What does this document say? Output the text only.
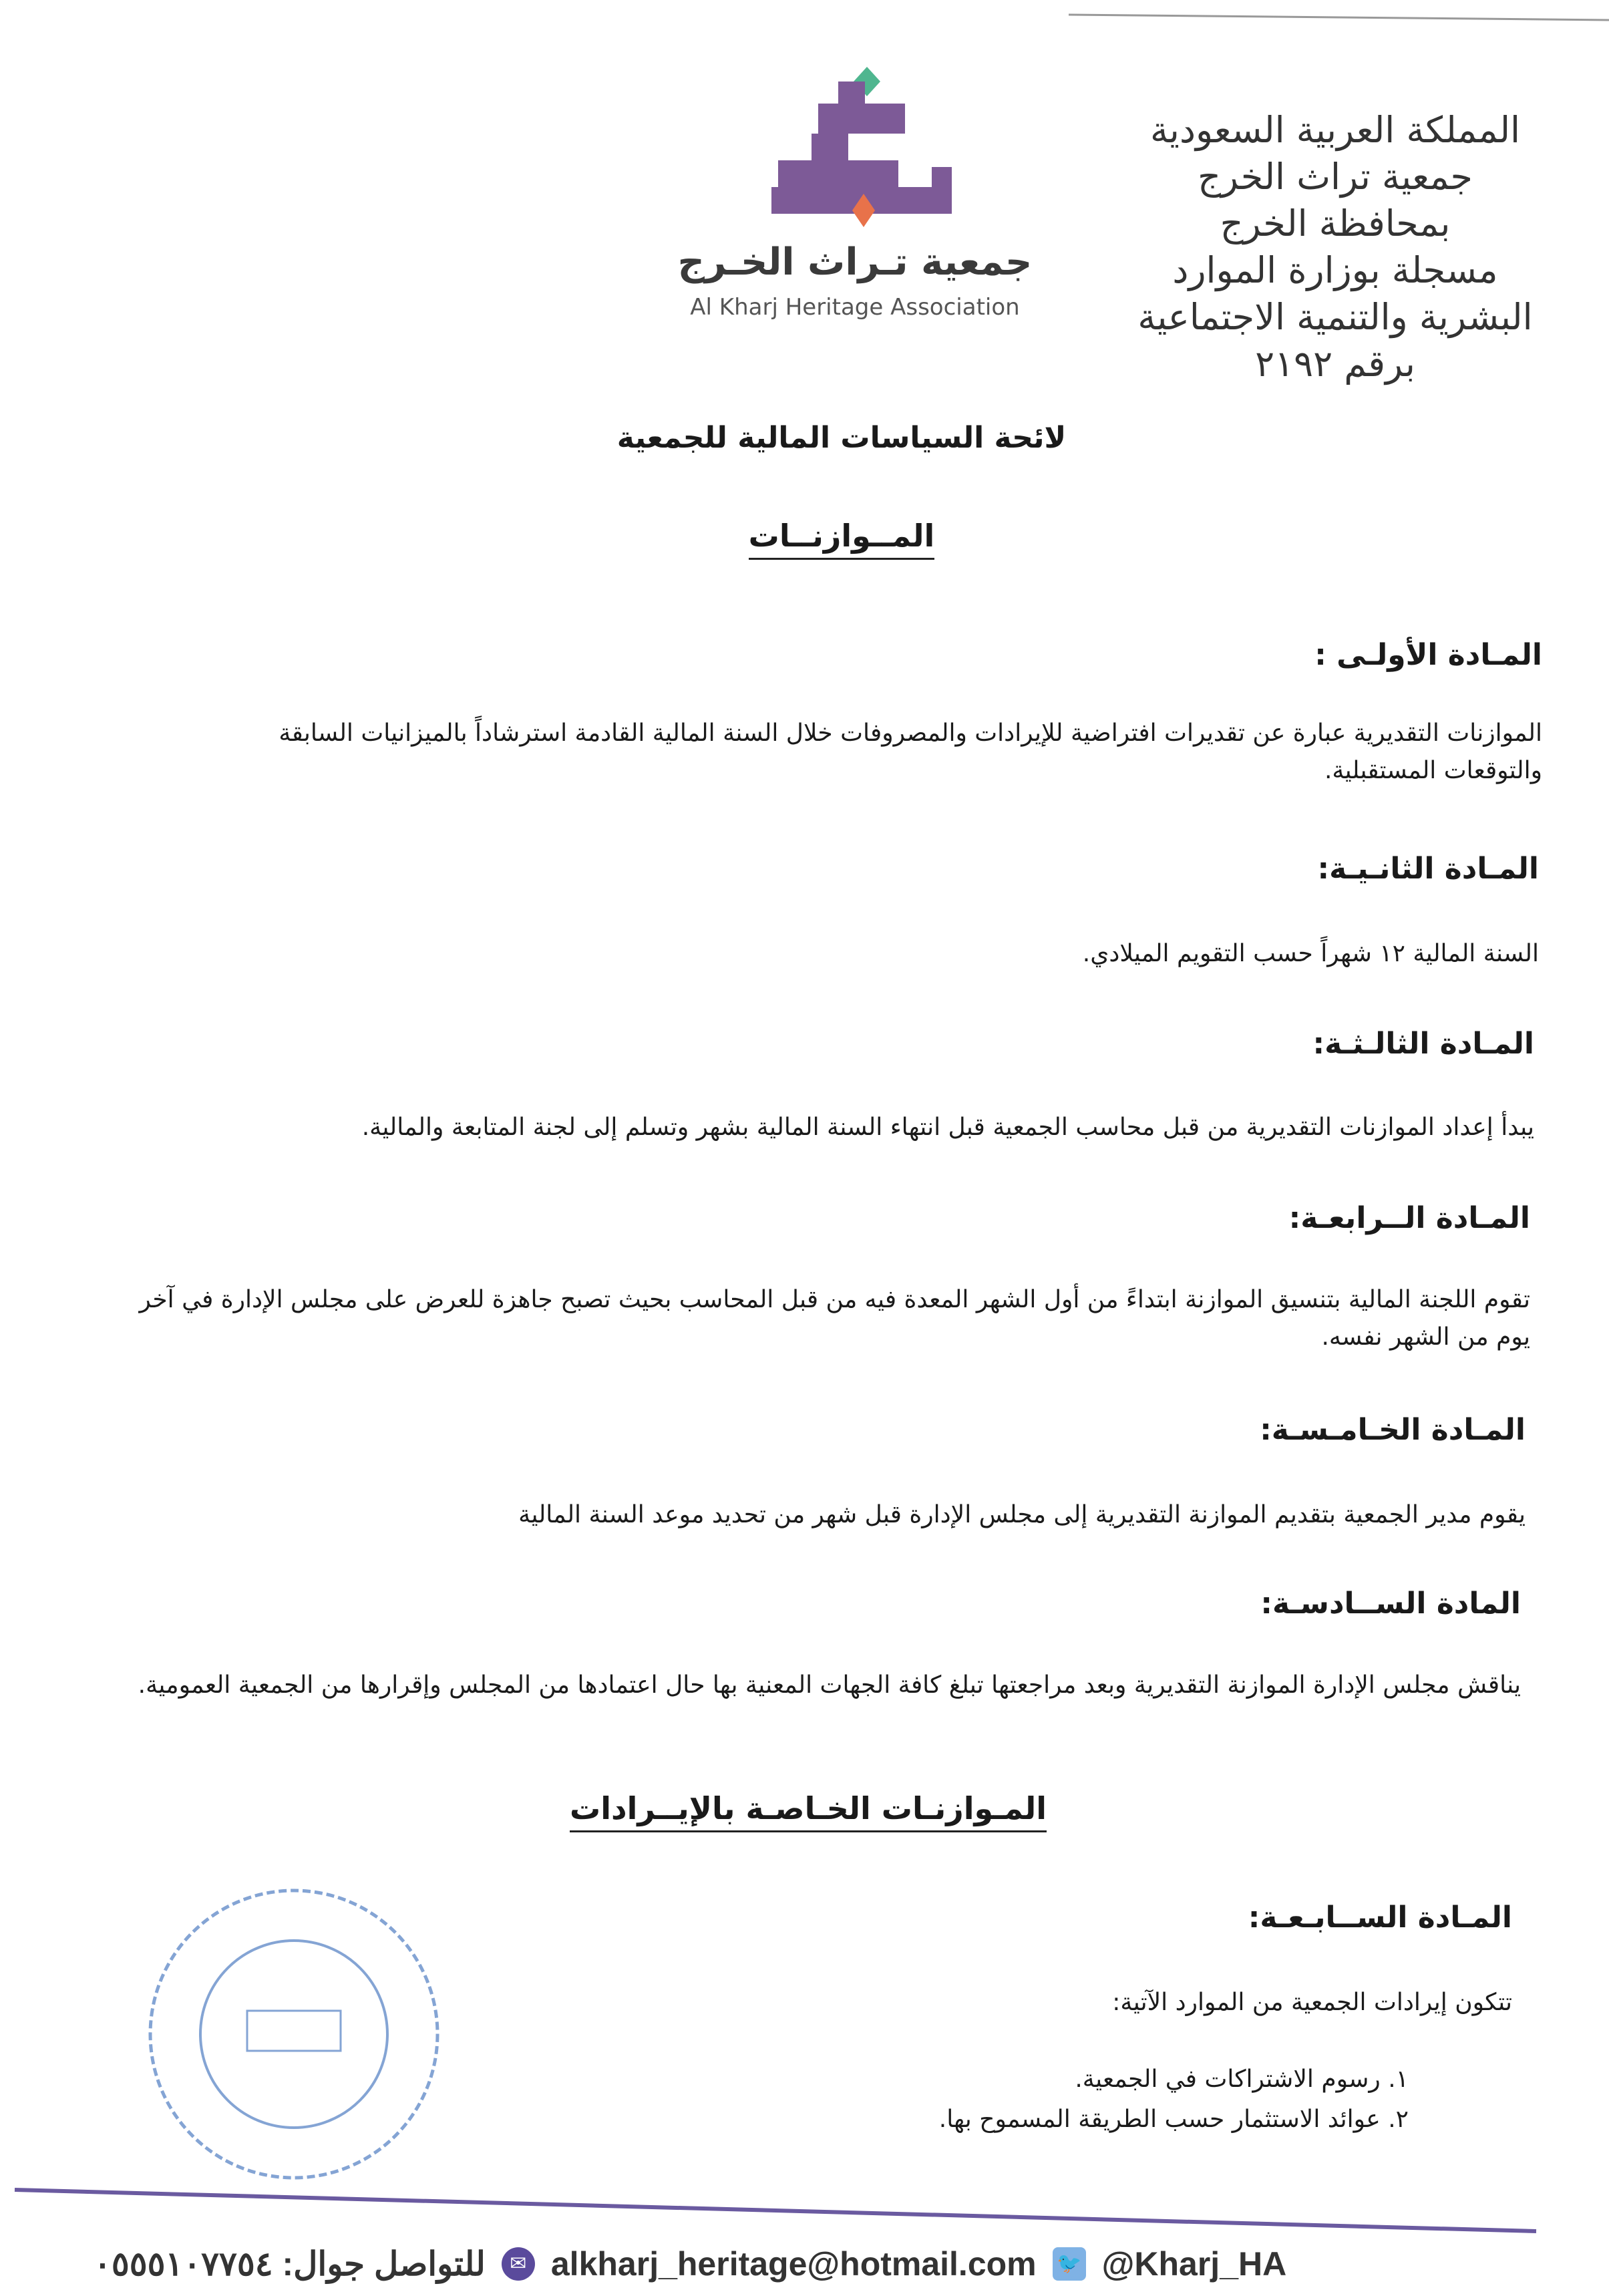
المملكة العربية السعودية
جمعية تراث الخرج
بمحافظة الخرج
مسجلة بوزارة الموارد
البشرية والتنمية الاجتماعية
برقم ٢١٩٢
جمعية تـراث الخـرج
Al Kharj Heritage Association
لائحة السياسات المالية للجمعية
المــوازنــات
المـادة الأولـى :
الموازنات التقديرية عبارة عن تقديرات افتراضية للإيرادات والمصروفات خلال السنة المالية القادمة استرشاداً بالميزانيات السابقة والتوقعات المستقبلية.
المـادة الثانـيـة:
السنة المالية ١٢ شهراً حسب التقويم الميلادي.
المـادة الثالـثـة:
يبدأ إعداد الموازنات التقديرية من قبل محاسب الجمعية قبل انتهاء السنة المالية بشهر وتسلم إلى لجنة المتابعة والمالية.
المـادة الــرابعـة:
تقوم اللجنة المالية بتنسيق الموازنة ابتداءً من أول الشهر المعدة فيه من قبل المحاسب بحيث تصبح جاهزة للعرض على مجلس الإدارة في آخر يوم من الشهر نفسه.
المـادة الخـامـسـة:
يقوم مدير الجمعية بتقديم الموازنة التقديرية إلى مجلس الإدارة قبل شهر من تحديد موعد السنة المالية
المادة الســادسـة:
يناقش مجلس الإدارة الموازنة التقديرية وبعد مراجعتها تبلغ كافة الجهات المعنية بها حال اعتمادها من المجلس وإقرارها من الجمعية العمومية.
المـوازنـات الخـاصـة بالإيــرادات
المـادة الســابـعـة:
تتكون إيرادات الجمعية من الموارد الآتية:
١. رسوم الاشتراكات في الجمعية.
٢. عوائد الاستثمار حسب الطريقة المسموح بها.
للتواصل جوال: ٠٥٥٥١٠٧٧٥٤	✉ alkharj_heritage@hotmail.com 🐦 @Kharj_HA
